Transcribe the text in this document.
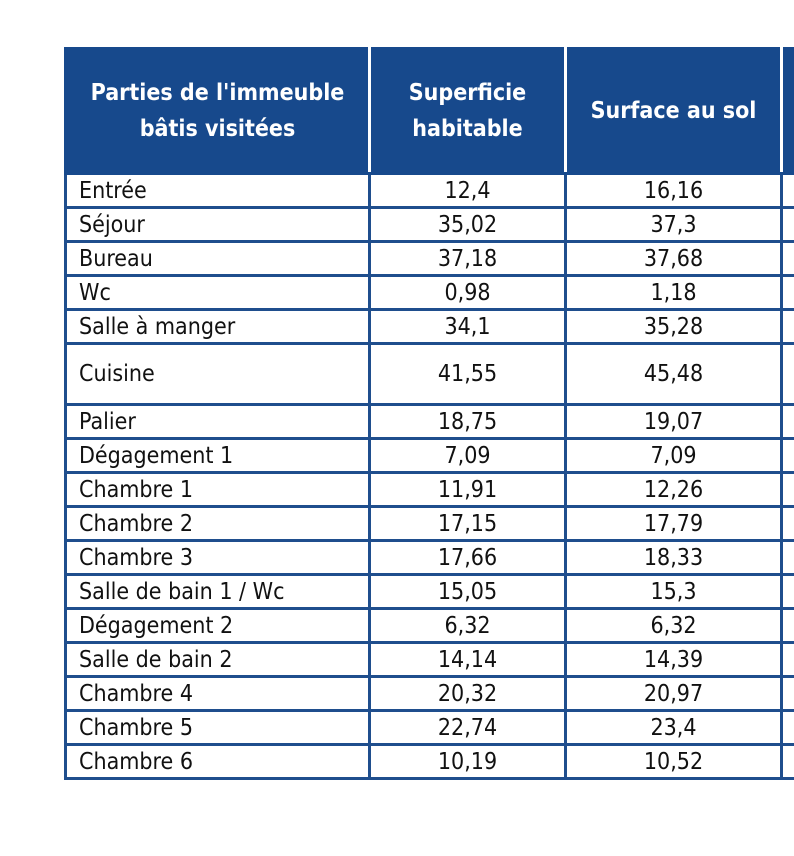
Parties de l'immeuble bâtis visitées	Superficie habitable	Surface au sol	
Entrée	12,4	16,16	
Séjour	35,02	37,3	
Bureau	37,18	37,68	
Wc	0,98	1,18	
Salle à manger	34,1	35,28	
Cuisine	41,55	45,48	
Palier	18,75	19,07	
Dégagement 1	7,09	7,09	
Chambre 1	11,91	12,26	
Chambre 2	17,15	17,79	
Chambre 3	17,66	18,33	
Salle de bain 1 / Wc	15,05	15,3	
Dégagement 2	6,32	6,32	
Salle de bain 2	14,14	14,39	
Chambre 4	20,32	20,97	
Chambre 5	22,74	23,4	
Chambre 6	10,19	10,52	
